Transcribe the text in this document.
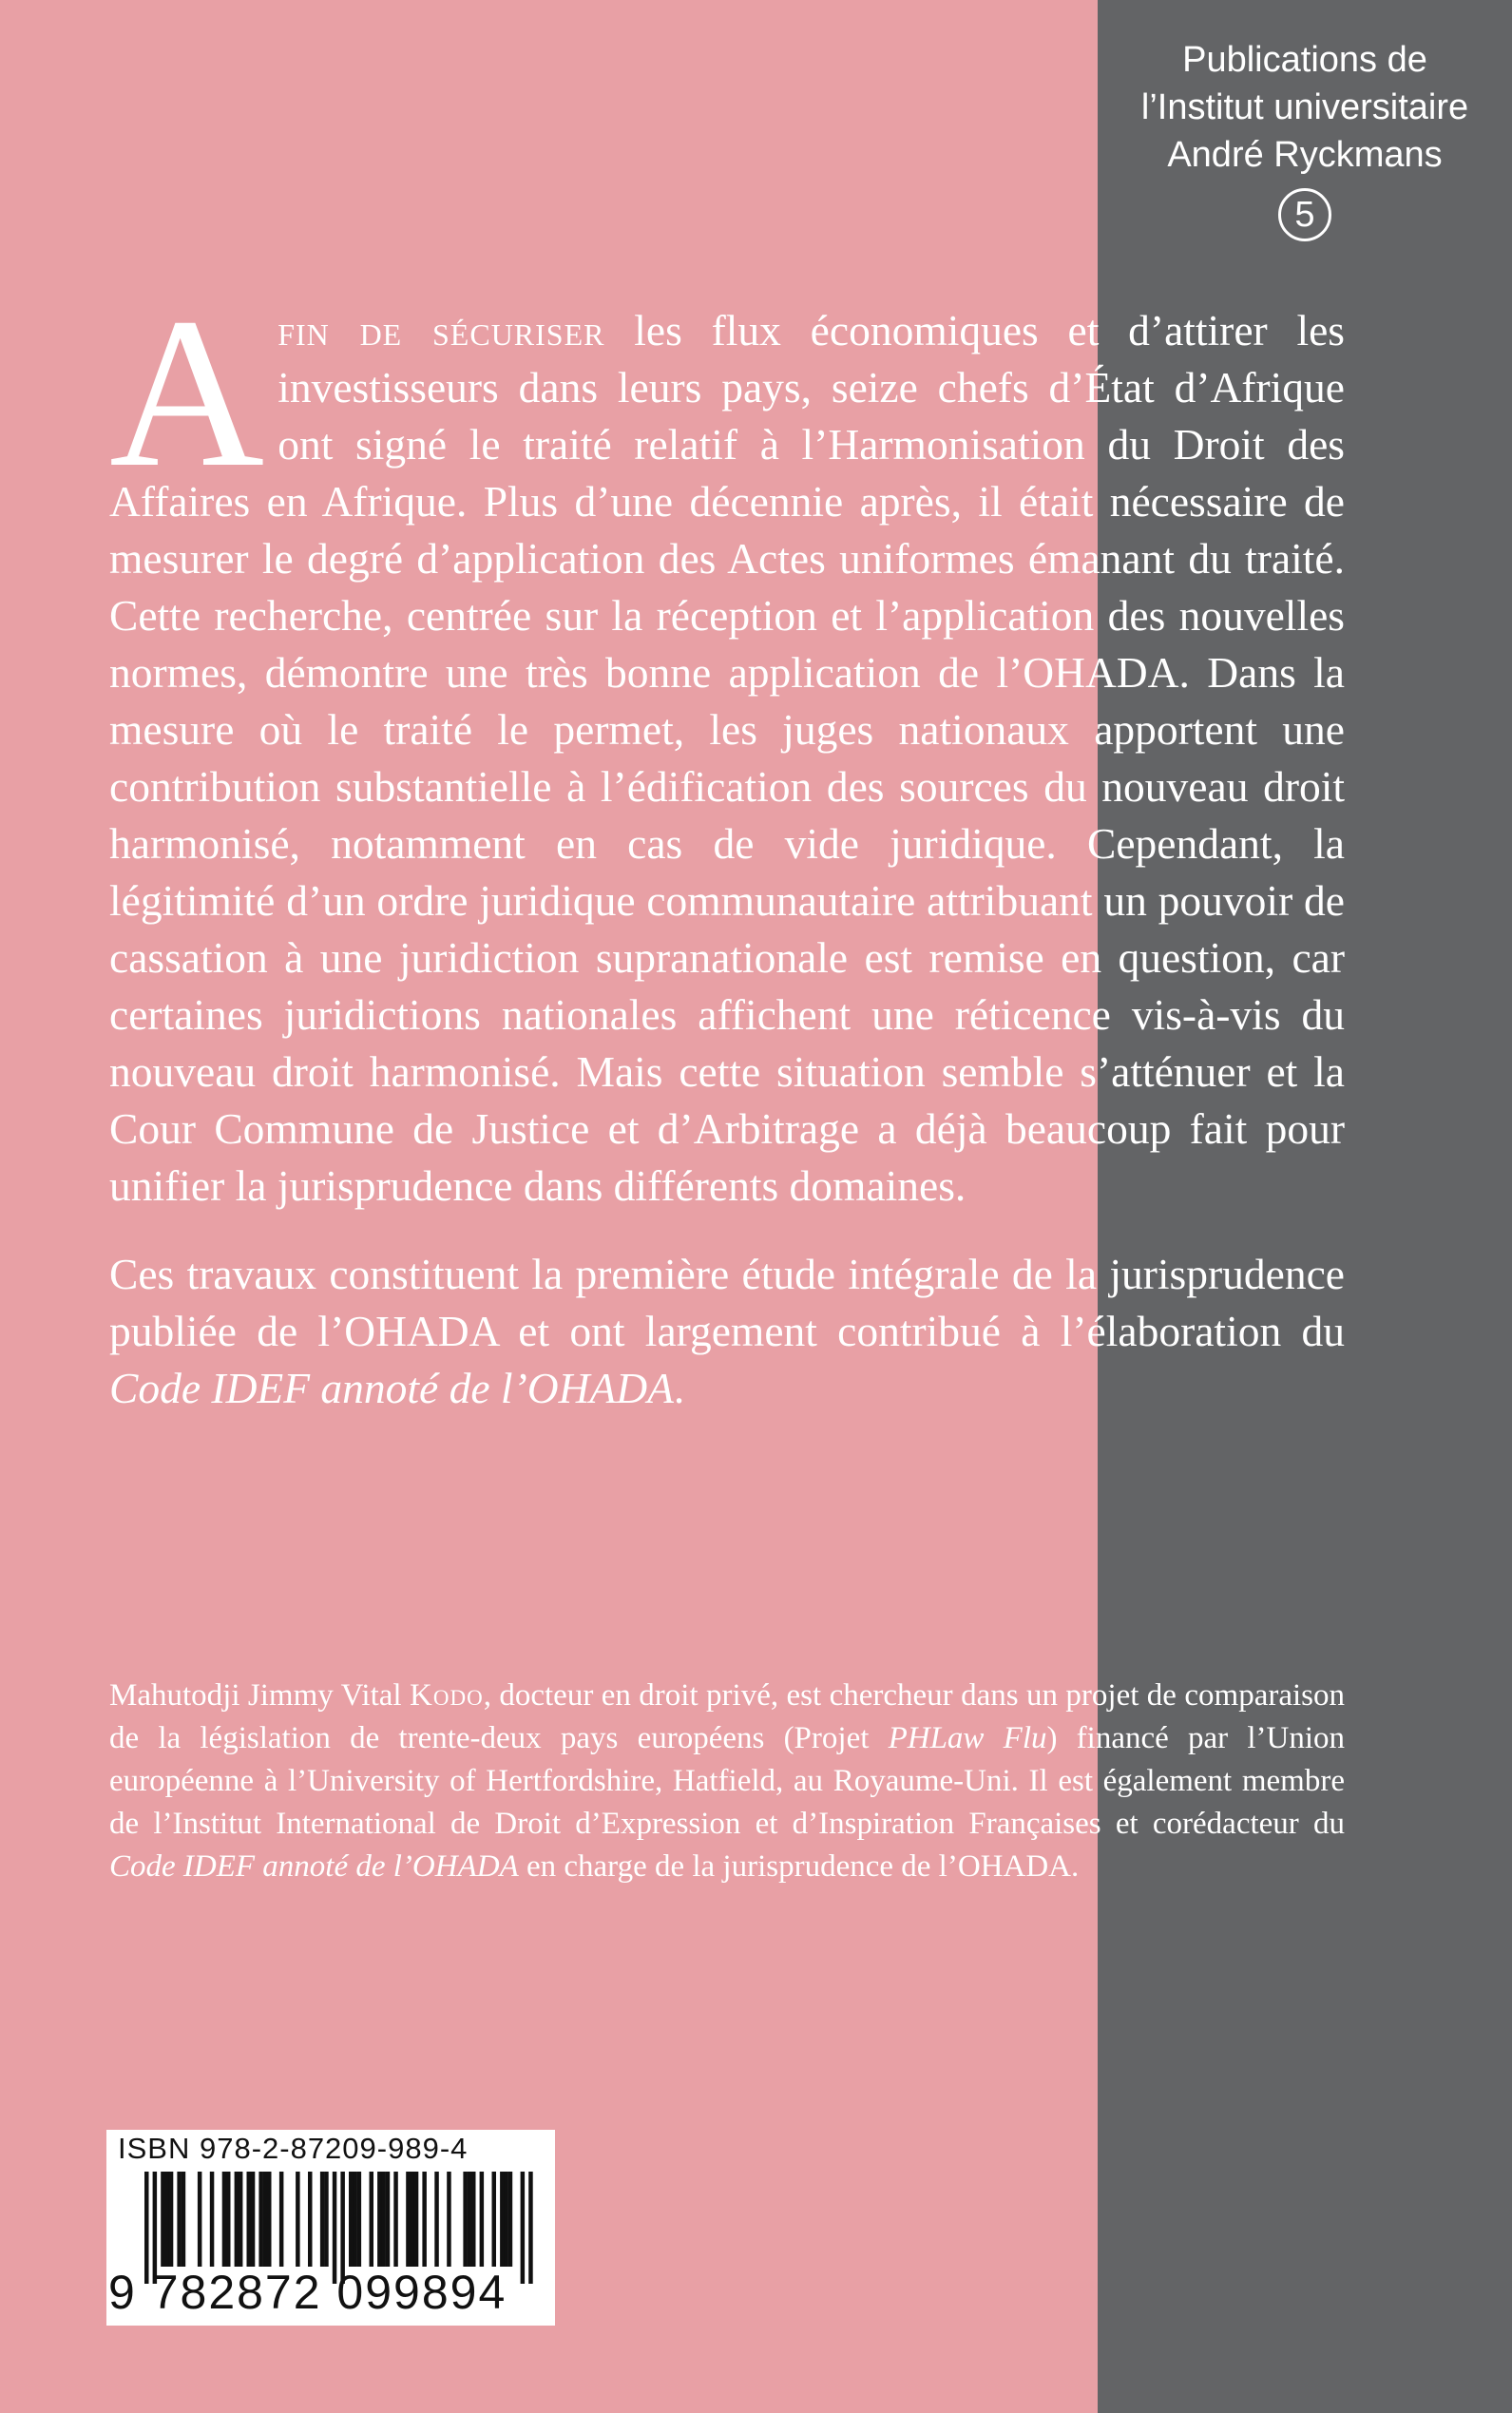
Publications de
l’Institut universitaire
André Ryckmans
5

Afin de sécuriser les flux économiques et d’attirer les investisseurs dans leurs pays, seize chefs d’État d’Afrique ont signé le traité relatif à l’Harmonisation du Droit des Affaires en Afrique. Plus d’une décennie après, il était nécessaire de mesurer le degré d’application des Actes uniformes émanant du traité. Cette recherche, centrée sur la réception et l’application des nouvelles normes, démontre une très bonne application de l’OHADA. Dans la mesure où le traité le permet, les juges nationaux apportent une contribution substantielle à l’édification des sources du nouveau droit harmonisé, notamment en cas de vide juridique. Cependant, la légitimité d’un ordre juridique communautaire attribuant un pouvoir de cassation à une juridiction supranationale est remise en question, car certaines juridictions nationales affichent une réticence vis-à-vis du nouveau droit harmonisé. Mais cette situation semble s’atténuer et la Cour Commune de Justice et d’Arbitrage a déjà beaucoup fait pour unifier la jurisprudence dans différents domaines.

Ces travaux constituent la première étude intégrale de la jurisprudence publiée de l’OHADA et ont largement contribué à l’élaboration du Code IDEF annoté de l’OHADA.

Mahutodji Jimmy Vital Kodo, docteur en droit privé, est chercheur dans un projet de comparaison de la législation de trente-deux pays européens (Projet PHLaw Flu) financé par l’Union européenne à l’University of Hertfordshire, Hatfield, au Royaume-Uni. Il est également membre de l’Institut International de Droit d’Expression et d’Inspiration Françaises et corédacteur du Code IDEF annoté de l’OHADA en charge de la jurisprudence de l’OHADA.

ISBN 978-2-87209-989-4
9 782872 099894
